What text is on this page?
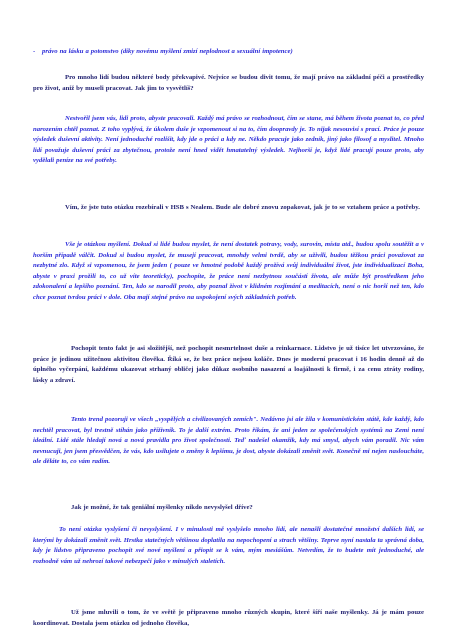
- právo na lásku a potomstvo (díky novému myšlení zmizí neplodnost a sexuální impotence)

Pro mnoho lidí budou některé body překvapivé. Nejvíce se budou divit tomu, že mají právo na základní péči a prostředky pro život, aniž by museli pracovat. Jak jim to vysvětlíš?

Nestvořil jsem vás, lidi proto, abyste pracovali. Každý má právo se rozhodnout, čím se stane, má během života poznat to, co před narozením chtěl poznat. Z toho vyplývá, že úkolem duše je vzpomenout si na to, čím doopravdy je. To nijak nesouvisí s prací. Práce je pouze výsledek duševní aktivity. Není jednoduché rozlišit, kdy jde o práci a kdy ne. Někdo pracuje jako zedník, jiný jako filosof a myslitel. Mnoho lidí považuje duševní práci za zbytečnou, protože není hned vidět hmatatelný výsledek. Nejhorší je, když lidé pracují pouze proto, aby vydělali peníze na své potřeby.

Vím, že jste tuto otázku rozebírali v HSB s Nealem. Bude ale dobré znovu zopakovat, jak je to se vztahem práce a potřeby.

Vše je otázkou myšlení. Dokud si lidé budou myslet, že není dostatek potravy, vody, surovin, místa atd., budou spolu soutěžit a v horším případě válčit. Dokud si budou myslet, že musejí pracovat, mnohdy velmi tvrdě, aby se uživili, budou těžkou práci považovat za nezbytné zlo. Když si vzpomenou, že jsem jeden ( pouze ve hmotné podobě každý prožívá svůj individuální život, jste individualizací Boha, abyste v praxi prožili to, co už víte teoreticky), pochopíte, že práce není nezbytnou součástí života, ale může být prostředkem jeho zdokonalení a lepšího poznání. Ten, kdo se narodil proto, aby poznal život v klidném rozjímání a meditacích, není o nic horší než ten, kdo chce poznat tvrdou práci v dole. Oba mají stejné právo na uspokojení svých základních potřeb.

Pochopit tento fakt je asi složitější, než pochopit nesmrtelnost duše a reinkarnace. Lidstvo je už tisíce let utvrzováno, že práce je jedinou užitečnou aktivitou člověka. Říká se, že bez práce nejsou koláče. Dnes je moderní pracovat i 16 hodin denně až do úplného vyčerpání, každému ukazovat strhaný obličej jako důkaz osobního nasazení a loajálnosti k firmě, i za cenu ztráty rodiny, lásky a zdraví.

Tento trend pozoruji ve všech „vyspělých a civilizovaných zemích". Nedávno jsi ale žila v komunistickém státě, kde každý, kdo nechtěl pracovat, byl trestně stíhán jako příživník. To je další extrém. Proto říkám, že ani jeden ze společenských systémů na Zemi není ideální. Lidé stále hledají nová a nová pravidla pro život společnosti. Teď nadešel okamžik, kdy má smysl, abych vám poradil. Nic vám nevnucuji, jen jsem přesvědčen, že vás, kdo usilujete o změny k lepšímu, je dost, abyste dokázali změnit svět. Konečně mi nejen nasloucháte, ale děláte to, co vám radím.

Jak je možné, že tak geniální myšlenky nikdo nevyslyšel dříve?

To není otázka vyslyšení či nevyslyšení. I v minulosti mě vyslyšelo mnoho lidí, ale nenašli dostatečné množství dalších lidí, se kterými by dokázali změnit svět. Hrstka statečných většinou doplatila na nepochopení a strach většiny. Teprve nyní nastala ta správná doba, kdy je lidstvo připraveno pochopit své nové myšlení a přiopit se k vám, mým mesiášům. Netvrdím, že to budete mít jednoduché, ale rozhodně vám už nehrozí takové nebezpečí jako v minulých staletích.

Už jsme mluvili o tom, že ve světě je připraveno mnoho různých skupin, které šíří naše myšlenky. Já je mám pouze koordinovat. Dostala jsem otázku od jednoho člověka,
